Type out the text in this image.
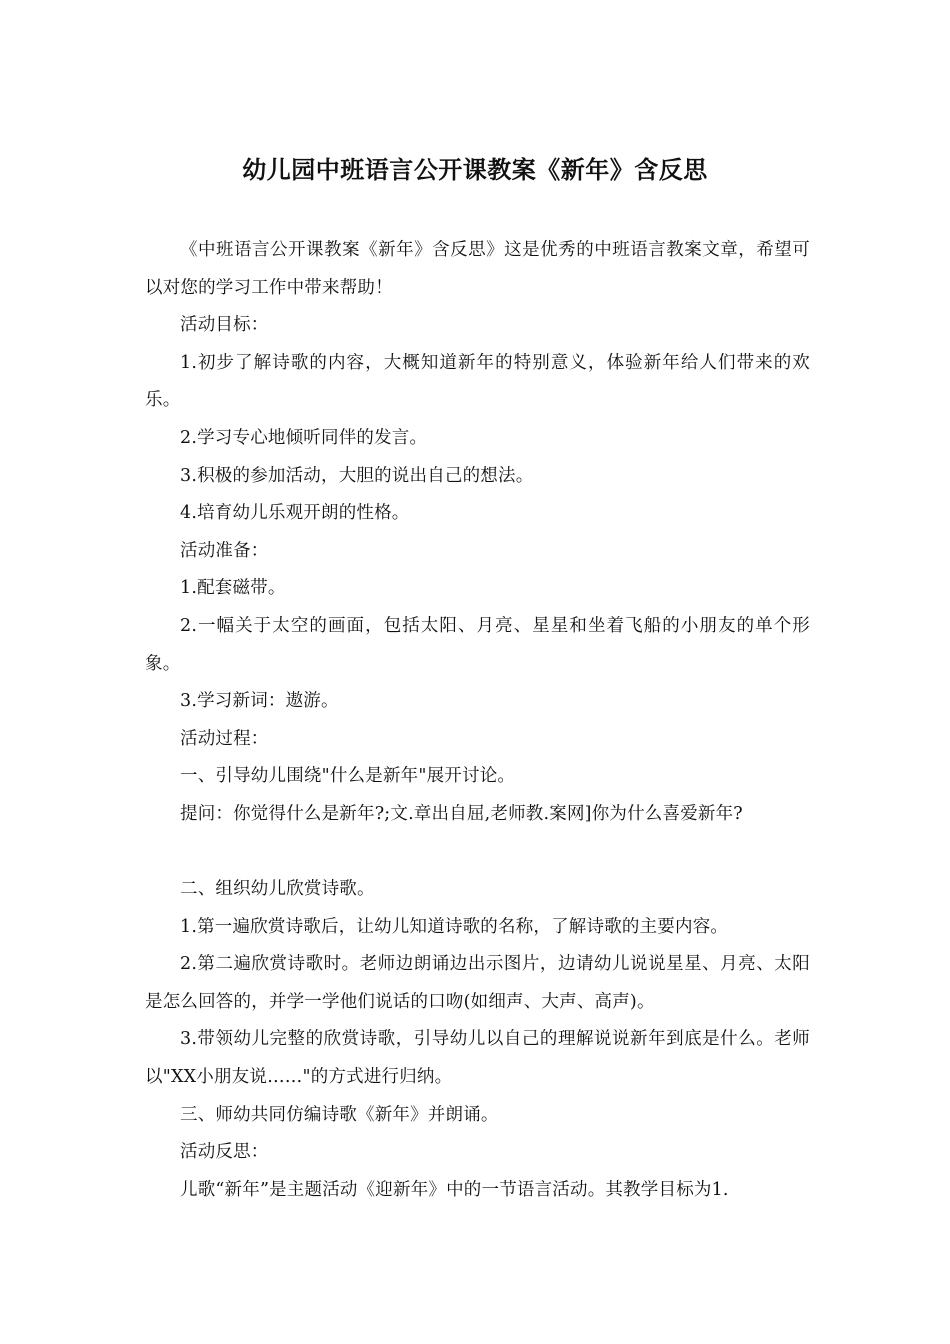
幼儿园中班语言公开课教案《新年》含反思

《中班语言公开课教案《新年》含反思》这是优秀的中班语言教案文章，希望可以对您的学习工作中带来帮助！

活动目标：

1.初步了解诗歌的内容，大概知道新年的特别意义，体验新年给人们带来的欢乐。

2.学习专心地倾听同伴的发言。

3.积极的参加活动，大胆的说出自己的想法。

4.培育幼儿乐观开朗的性格。

活动准备：

1.配套磁带。

2.一幅关于太空的画面，包括太阳、月亮、星星和坐着飞船的小朋友的单个形象。

3.学习新词：遨游。

活动过程：

一、引导幼儿围绕"什么是新年"展开讨论。

提问：你觉得什么是新年?;文.章出自屈,老师教.案网]你为什么喜爱新年?

二、组织幼儿欣赏诗歌。

1.第一遍欣赏诗歌后，让幼儿知道诗歌的名称，了解诗歌的主要内容。

2.第二遍欣赏诗歌时。老师边朗诵边出示图片，边请幼儿说说星星、月亮、太阳是怎么回答的，并学一学他们说话的口吻(如细声、大声、高声)。

3.带领幼儿完整的欣赏诗歌，引导幼儿以自己的理解说说新年到底是什么。老师以"XX小朋友说……"的方式进行归纳。

三、师幼共同仿编诗歌《新年》并朗诵。

活动反思：

儿歌“新年”是主题活动《迎新年》中的一节语言活动。其教学目标为1.
